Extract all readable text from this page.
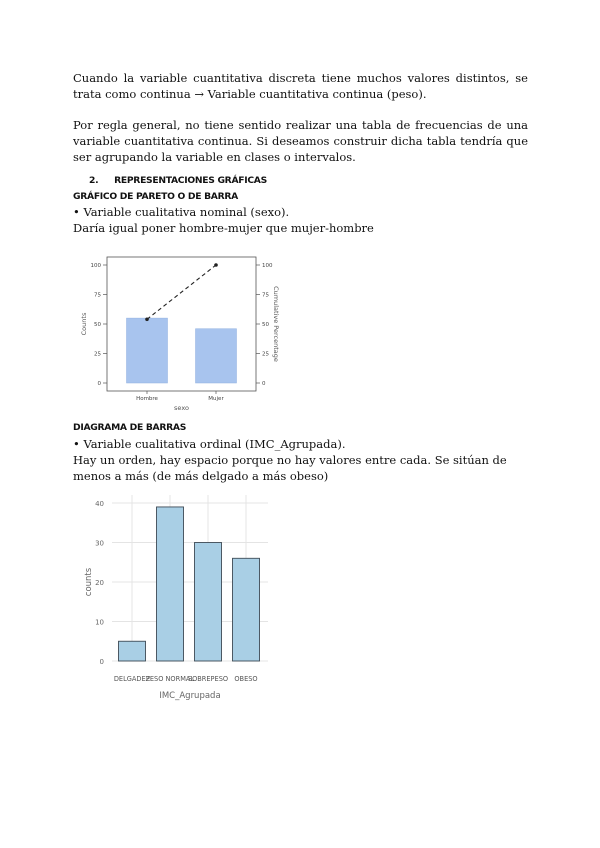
Cuando la variable cuantitativa discreta tiene muchos valores distintos, se trata como continua → Variable cuantitativa continua (peso).

Por regla general, no tiene sentido realizar una tabla de frecuencias de una variable cuantitativa continua. Si deseamos construir dicha tabla tendría que ser agrupando la variable en clases o intervalos.

2. REPRESENTACIONES GRÁFICAS

GRÁFICO DE PARETO O DE BARRA

• Variable cualitativa nominal (sexo).

Daría igual poner hombre-mujer que mujer-hombre

0
25
50
75
100
0
25
50
75
100
Hombre	Mujer
sexo
Counts	Cumulative Percentage

DIAGRAMA DE BARRAS

• Variable cualitativa ordinal (IMC_Agrupada).

Hay un orden, hay espacio porque no hay valores entre cada. Se sitúan de menos a más (de más delgado a más obeso)

0
10
20
30
40
DELGADEZ
PESO NORMAL
SOBREPESO OBESO
IMC_Agrupada
counts
